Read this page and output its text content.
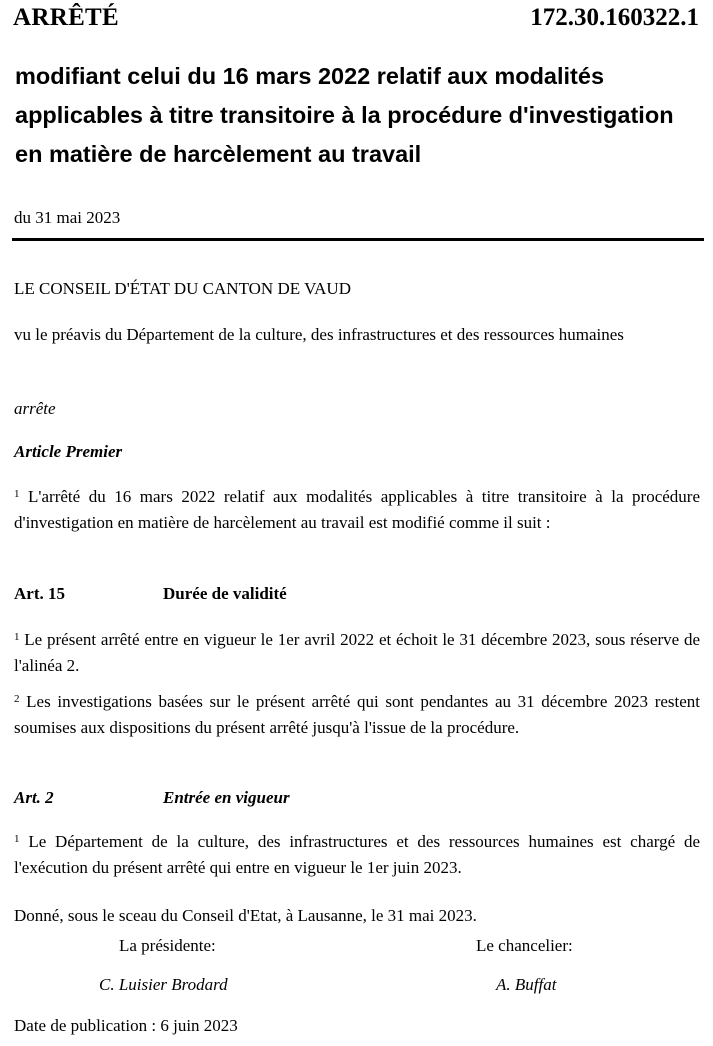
ARRÊTÉ	172.30.160322.1
modifiant celui du 16 mars 2022 relatif aux modalités applicables à titre transitoire à la procédure d'investigation en matière de harcèlement au travail
du 31 mai 2023
LE CONSEIL D'ÉTAT DU CANTON DE VAUD
vu le préavis du Département de la culture, des infrastructures et des ressources humaines
arrête
Article Premier
$^1$ L'arrêté du 16 mars 2022 relatif aux modalités applicables à titre transitoire à la procédure d'investigation en matière de harcèlement au travail est modifié comme il suit :
Art. 15	Durée de validité
$^1$ Le présent arrêté entre en vigueur le 1er avril 2022 et échoit le 31 décembre 2023, sous réserve de l'alinéa 2.
$^2$ Les investigations basées sur le présent arrêté qui sont pendantes au 31 décembre 2023 restent soumises aux dispositions du présent arrêté jusqu'à l'issue de la procédure.
Art. 2	Entrée en vigueur
$^1$ Le Département de la culture, des infrastructures et des ressources humaines est chargé de l'exécution du présent arrêté qui entre en vigueur le 1er juin 2023.
Donné, sous le sceau du Conseil d'Etat, à Lausanne, le 31 mai 2023.
La présidente:	Le chancelier:
C. Luisier Brodard	A. Buffat
Date de publication : 6 juin 2023
